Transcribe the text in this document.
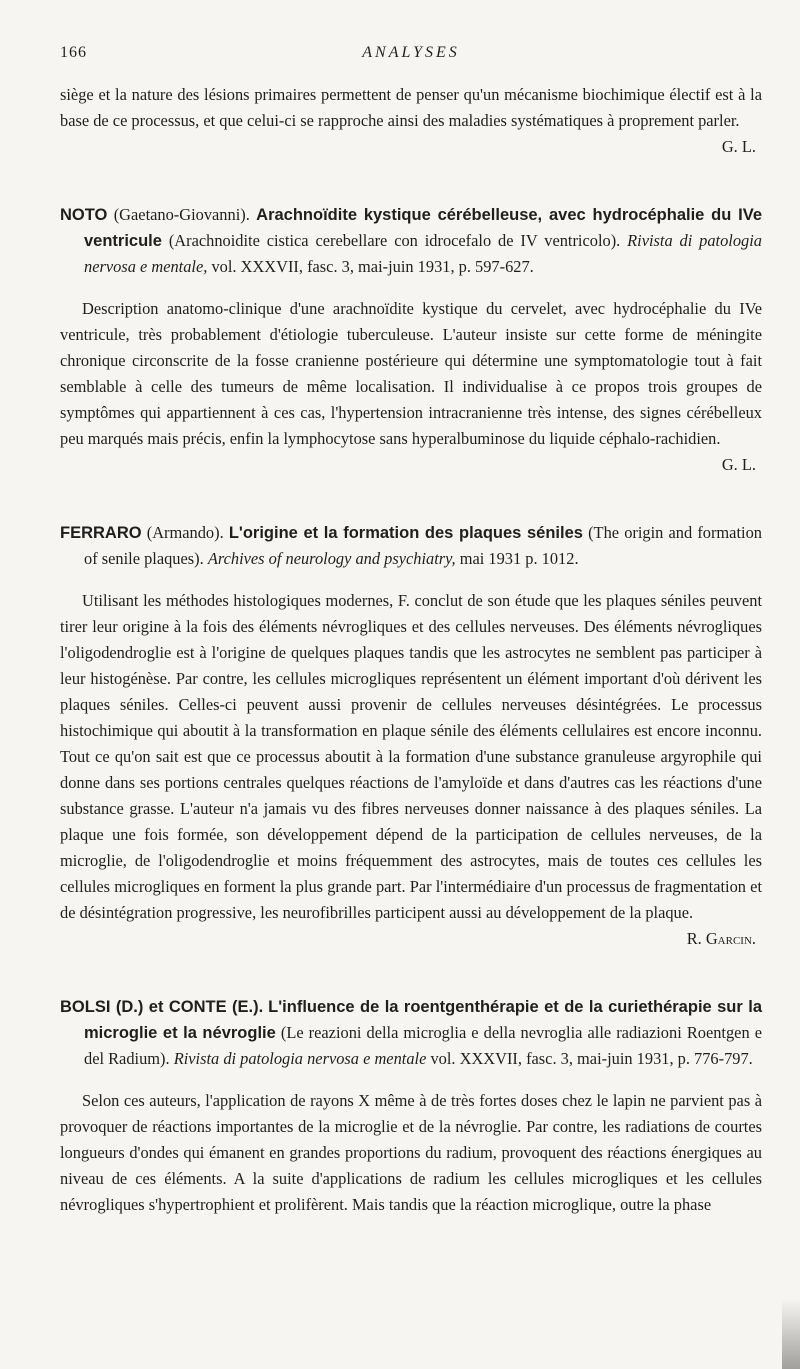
166	ANALYSES

siège et la nature des lésions primaires permettent de penser qu'un mécanisme biochimique électif est à la base de ce processus, et que celui-ci se rapproche ainsi des maladies systématiques à proprement parler.

G. L.
NOTO (Gaetano-Giovanni). Arachnoïdite kystique cérébelleuse, avec hydrocéphalie du IVe ventricule (Arachnoidite cistica cerebellare con idrocefalo de IV ventricolo). Rivista di patologia nervosa e mentale, vol. XXXVII, fasc. 3, mai-juin 1931, p. 597-627.

Description anatomo-clinique d'une arachnoïdite kystique du cervelet, avec hydrocéphalie du IVe ventricule, très probablement d'étiologie tuberculeuse. L'auteur insiste sur cette forme de méningite chronique circonscrite de la fosse cranienne postérieure qui détermine une symptomatologie tout à fait semblable à celle des tumeurs de même localisation. Il individualise à ce propos trois groupes de symptômes qui appartiennent à ces cas, l'hypertension intracranienne très intense, des signes cérébelleux peu marqués mais précis, enfin la lymphocytose sans hyperalbuminose du liquide céphalo-rachidien.

G. L.
FERRARO (Armando). L'origine et la formation des plaques séniles (The origin and formation of senile plaques). Archives of neurology and psychiatry, mai 1931 p. 1012.

Utilisant les méthodes histologiques modernes, F. conclut de son étude que les plaques séniles peuvent tirer leur origine à la fois des éléments névrogliques et des cellules nerveuses. Des éléments névrogliques l'oligodendroglie est à l'origine de quelques plaques tandis que les astrocytes ne semblent pas participer à leur histogénèse. Par contre, les cellules microgliques représentent un élément important d'où dérivent les plaques séniles. Celles-ci peuvent aussi provenir de cellules nerveuses désintégrées. Le processus histochimique qui aboutit à la transformation en plaque sénile des éléments cellulaires est encore inconnu. Tout ce qu'on sait est que ce processus aboutit à la formation d'une substance granuleuse argyrophile qui donne dans ses portions centrales quelques réactions de l'amyloïde et dans d'autres cas les réactions d'une substance grasse. L'auteur n'a jamais vu des fibres nerveuses donner naissance à des plaques séniles. La plaque une fois formée, son développement dépend de la participation de cellules nerveuses, de la microglie, de l'oligodendroglie et moins fréquemment des astrocytes, mais de toutes ces cellules les cellules microgliques en forment la plus grande part. Par l'intermédiaire d'un processus de fragmentation et de désintégration progressive, les neurofibrilles participent aussi au développement de la plaque.

R. Garcin.
BOLSI (D.) et CONTE (E.). L'influence de la roentgenthérapie et de la curiethérapie sur la microglie et la névroglie (Le reazioni della microglia e della nevroglia alle radiazioni Roentgen e del Radium). Rivista di patologia nervosa e mentale vol. XXXVII, fasc. 3, mai-juin 1931, p. 776-797.

Selon ces auteurs, l'application de rayons X même à de très fortes doses chez le lapin ne parvient pas à provoquer de réactions importantes de la microglie et de la névroglie. Par contre, les radiations de courtes longueurs d'ondes qui émanent en grandes proportions du radium, provoquent des réactions énergiques au niveau de ces éléments. A la suite d'applications de radium les cellules microgliques et les cellules névrogliques s'hypertrophient et prolifèrent. Mais tandis que la réaction microglique, outre la phase
